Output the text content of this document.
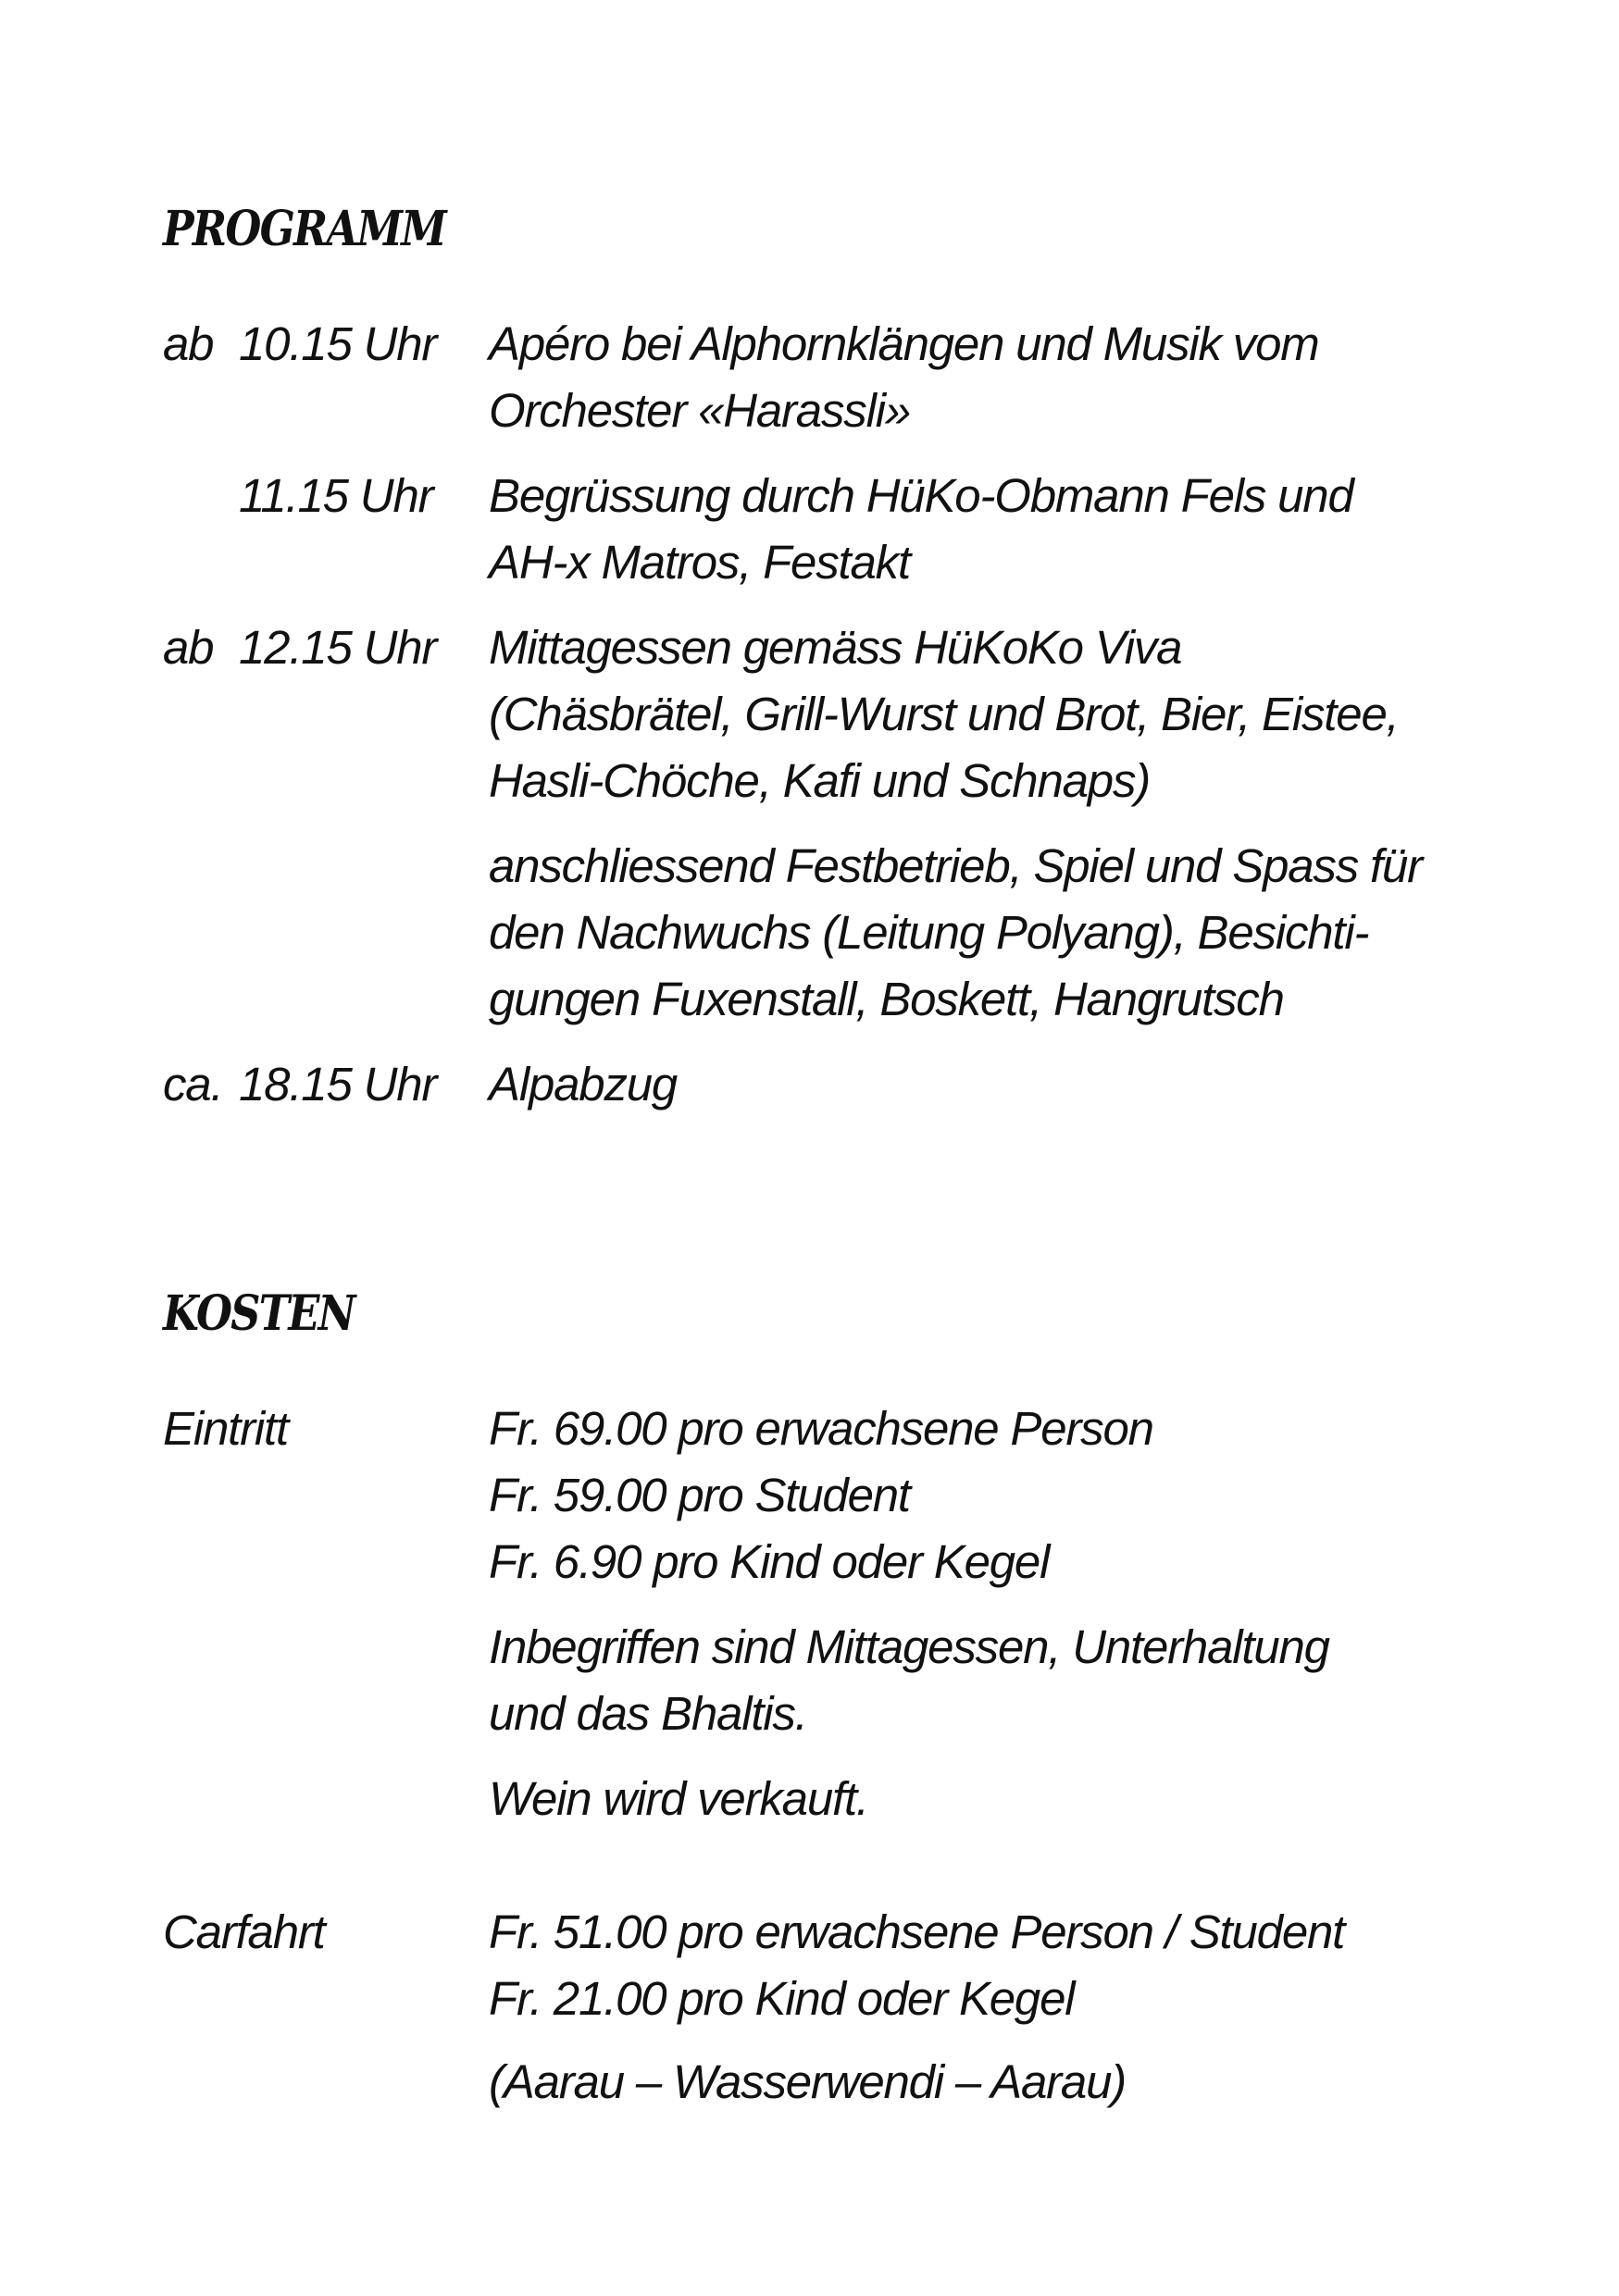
PROGRAMM
ab 10.15 Uhr Apéro bei Alphornklängen und Musik vom
Orchester «Harassli»
11.15 Uhr Begrüssung durch HüKo-Obmann Fels und
AH-x Matros, Festakt
ab 12.15 Uhr Mittagessen gemäss HüKoKo Viva
(Chäsbrätel, Grill-Wurst und Brot, Bier, Eistee,
Hasli-Chöche, Kafi und Schnaps)
anschliessend Festbetrieb, Spiel und Spass für
den Nachwuchs (Leitung Polyang), Besichti-
gungen Fuxenstall, Boskett, Hangrutsch
ca. 18.15 Uhr Alpabzug
KOSTEN
Eintritt	Fr. 69.00 pro erwachsene Person
Fr. 59.00 pro Student
Fr. 6.90 pro Kind oder Kegel
Inbegriffen sind Mittagessen, Unterhaltung
und das Bhaltis.
Wein wird verkauft.
Carfahrt	Fr. 51.00 pro erwachsene Person / Student
Fr. 21.00 pro Kind oder Kegel
(Aarau – Wasserwendi – Aarau)
